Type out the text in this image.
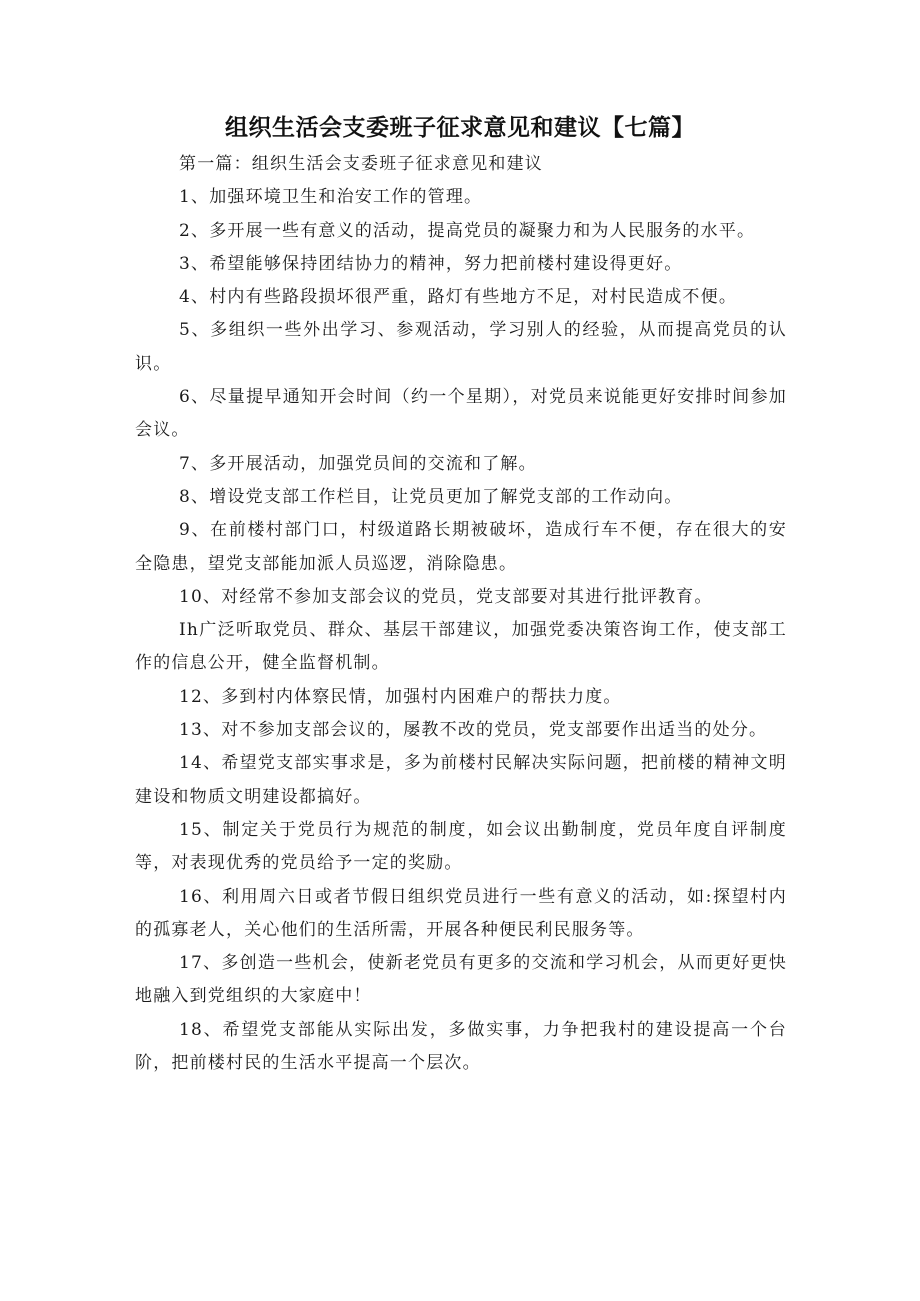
组织生活会支委班子征求意见和建议【七篇】

第一篇：组织生活会支委班子征求意见和建议

1、加强环境卫生和治安工作的管理。

2、多开展一些有意义的活动，提高党员的凝聚力和为人民服务的水平。

3、希望能够保持团结协力的精神，努力把前楼村建设得更好。

4、村内有些路段损坏很严重，路灯有些地方不足，对村民造成不便。

5、多组织一些外出学习、参观活动，学习别人的经验，从而提高党员的认识。

6、尽量提早通知开会时间（约一个星期），对党员来说能更好安排时间参加会议。

7、多开展活动，加强党员间的交流和了解。

8、增设党支部工作栏目，让党员更加了解党支部的工作动向。

9、在前楼村部门口，村级道路长期被破坏，造成行车不便，存在很大的安全隐患，望党支部能加派人员巡逻，消除隐患。

10、对经常不参加支部会议的党员，党支部要对其进行批评教育。

Ih广泛听取党员、群众、基层干部建议，加强党委决策咨询工作，使支部工作的信息公开，健全监督机制。

12、多到村内体察民情，加强村内困难户的帮扶力度。

13、对不参加支部会议的，屡教不改的党员，党支部要作出适当的处分。

14、希望党支部实事求是，多为前楼村民解决实际问题，把前楼的精神文明建设和物质文明建设都搞好。

15、制定关于党员行为规范的制度，如会议出勤制度，党员年度自评制度等，对表现优秀的党员给予一定的奖励。

16、利用周六日或者节假日组织党员进行一些有意义的活动，如:探望村内的孤寡老人，关心他们的生活所需，开展各种便民利民服务等。

17、多创造一些机会，使新老党员有更多的交流和学习机会，从而更好更快地融入到党组织的大家庭中！

18、希望党支部能从实际出发，多做实事，力争把我村的建设提高一个台阶，把前楼村民的生活水平提高一个层次。
